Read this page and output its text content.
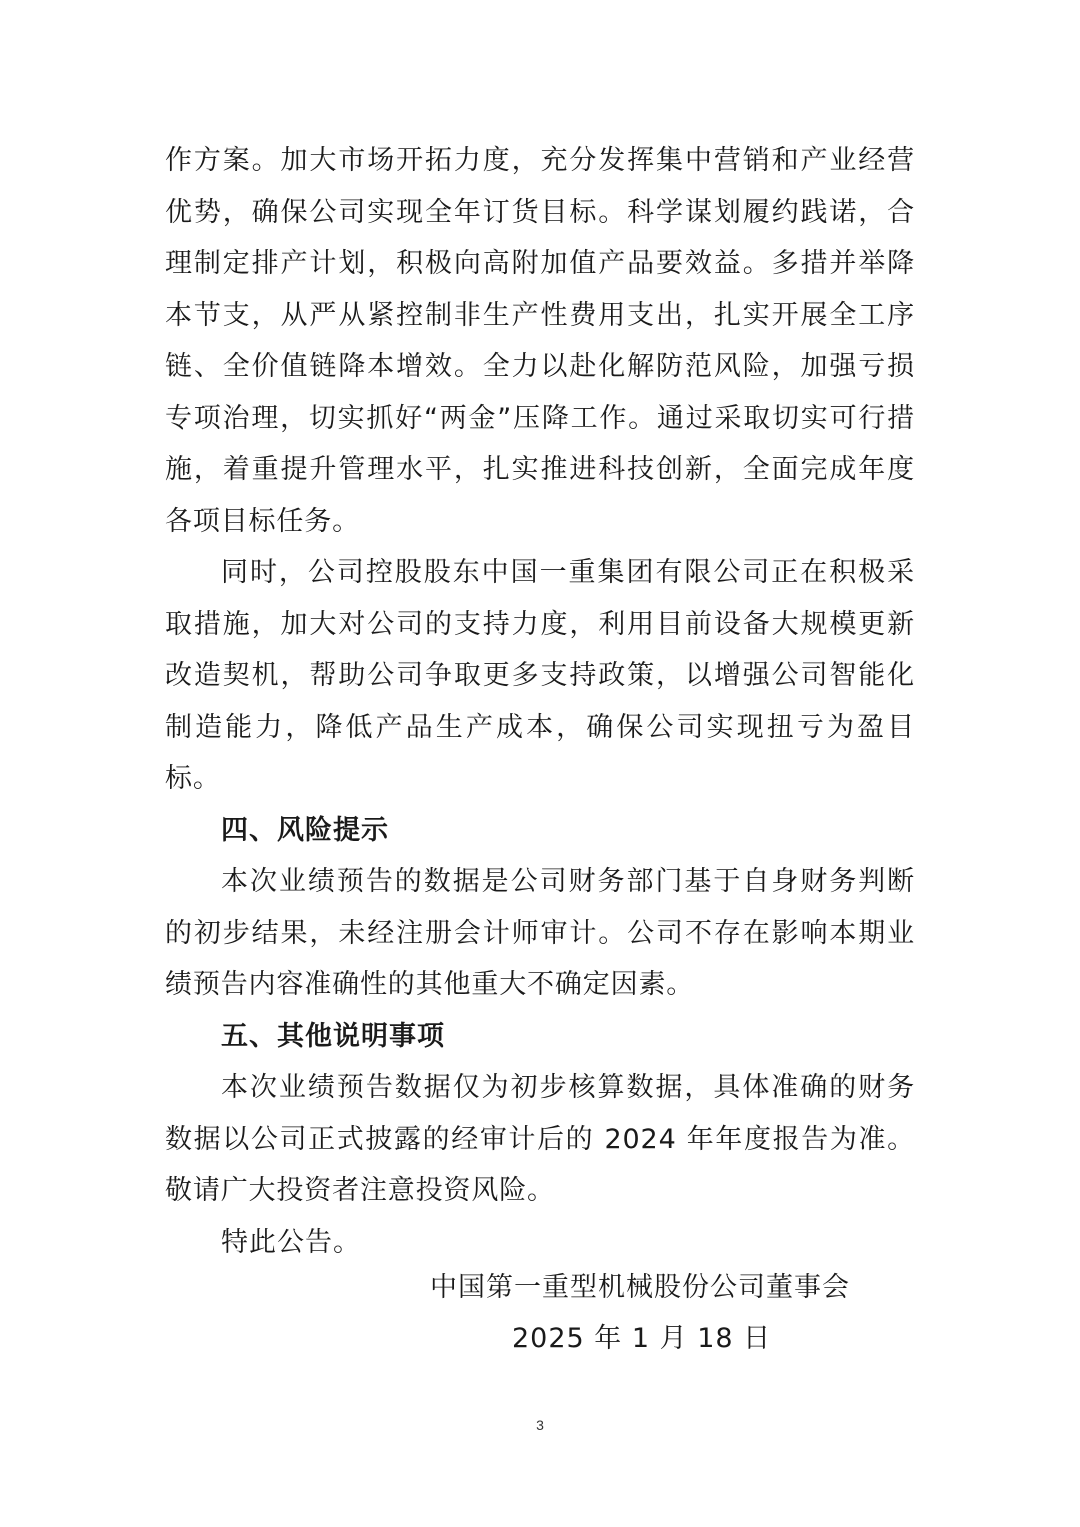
作方案。加大市场开拓力度，充分发挥集中营销和产业经营优势，确保公司实现全年订货目标。科学谋划履约践诺，合理制定排产计划，积极向高附加值产品要效益。多措并举降本节支，从严从紧控制非生产性费用支出，扎实开展全工序链、全价值链降本增效。全力以赴化解防范风险，加强亏损专项治理，切实抓好“两金”压降工作。通过采取切实可行措施，着重提升管理水平，扎实推进科技创新，全面完成年度各项目标任务。

同时，公司控股股东中国一重集团有限公司正在积极采取措施，加大对公司的支持力度，利用目前设备大规模更新改造契机，帮助公司争取更多支持政策，以增强公司智能化制造能力，降低产品生产成本，确保公司实现扭亏为盈目标。

四、风险提示

本次业绩预告的数据是公司财务部门基于自身财务判断的初步结果，未经注册会计师审计。公司不存在影响本期业绩预告内容准确性的其他重大不确定因素。

五、其他说明事项

本次业绩预告数据仅为初步核算数据，具体准确的财务数据以公司正式披露的经审计后的 2024 年年度报告为准。敬请广大投资者注意投资风险。

特此公告。

中国第一重型机械股份公司董事会
2025 年 1 月 18 日
3
